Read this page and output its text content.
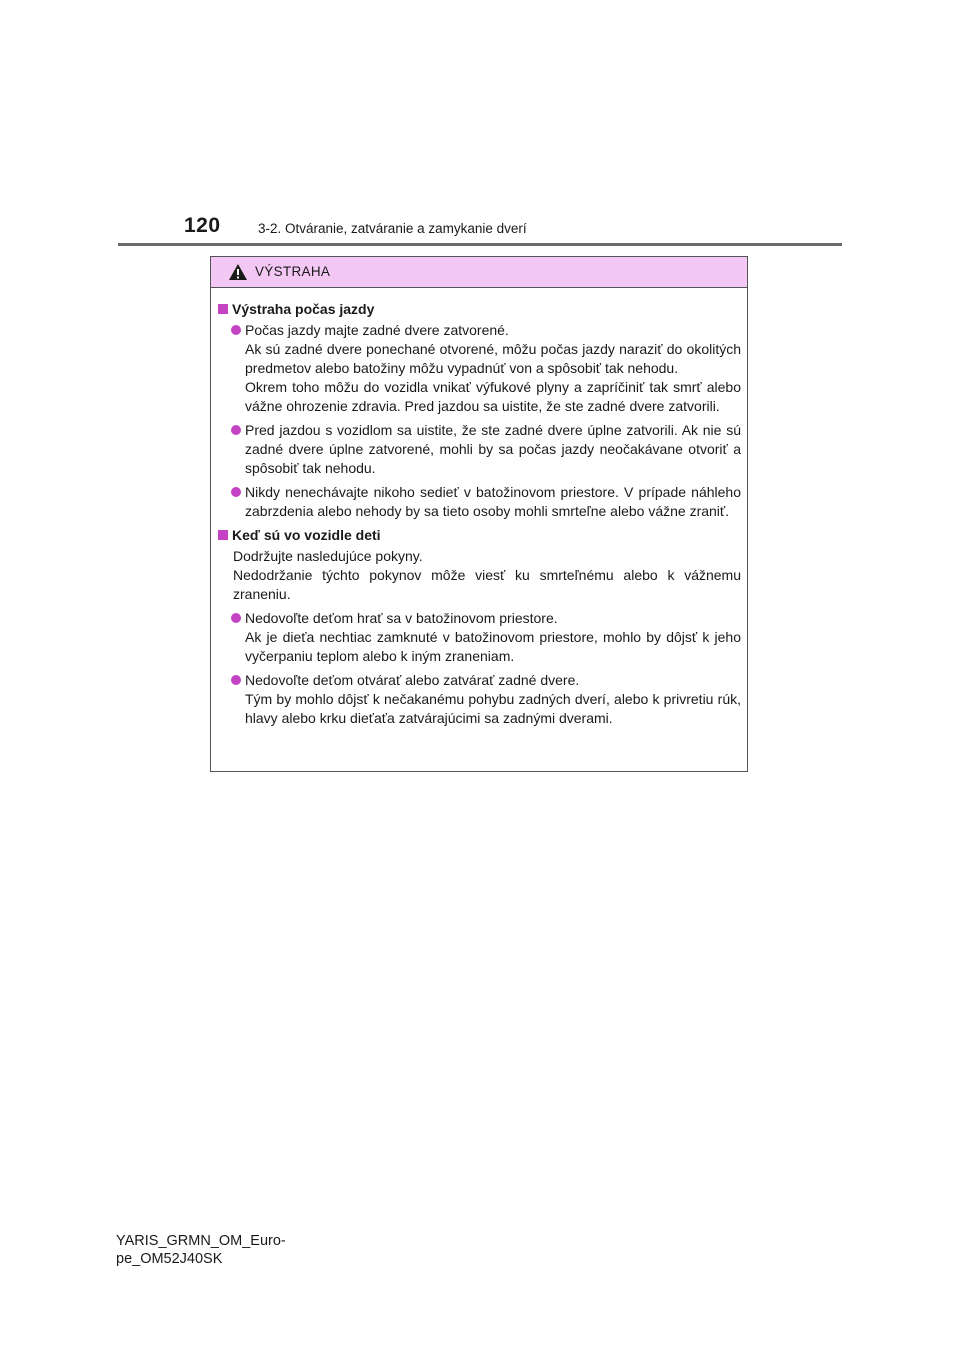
120	3-2. Otváranie, zatváranie a zamykanie dverí
VÝSTRAHA
Výstraha počas jazdy
Počas jazdy majte zadné dvere zatvorené.
Ak sú zadné dvere ponechané otvorené, môžu počas jazdy naraziť do okolitých predmetov alebo batožiny môžu vypadnúť von a spôsobiť tak nehodu.
Okrem toho môžu do vozidla vnikať výfukové plyny a zapríčiniť tak smrť alebo vážne ohrozenie zdravia. Pred jazdou sa uistite, že ste zadné dvere zatvorili.
Pred jazdou s vozidlom sa uistite, že ste zadné dvere úplne zatvorili. Ak nie sú zadné dvere úplne zatvorené, mohli by sa počas jazdy neočakávane otvoriť a spôsobiť tak nehodu.
Nikdy nenechávajte nikoho sedieť v batožinovom priestore. V prípade náhleho zabrzdenia alebo nehody by sa tieto osoby mohli smrteľne alebo vážne zraniť.
Keď sú vo vozidle deti
Dodržujte nasledujúce pokyny.
Nedodržanie týchto pokynov môže viesť ku smrteľnému alebo k vážnemu zraneniu.
Nedovoľte deťom hrať sa v batožinovom priestore.
Ak je dieťa nechtiac zamknuté v batožinovom priestore, mohlo by dôjsť k jeho vyčerpaniu teplom alebo k iným zraneniam.
Nedovoľte deťom otvárať alebo zatvárať zadné dvere.
Tým by mohlo dôjsť k nečakanému pohybu zadných dverí, alebo k privretiu rúk, hlavy alebo krku dieťaťa zatvárajúcimi sa zadnými dverami.
YARIS_GRMN_OM_Euro-
pe_OM52J40SK
